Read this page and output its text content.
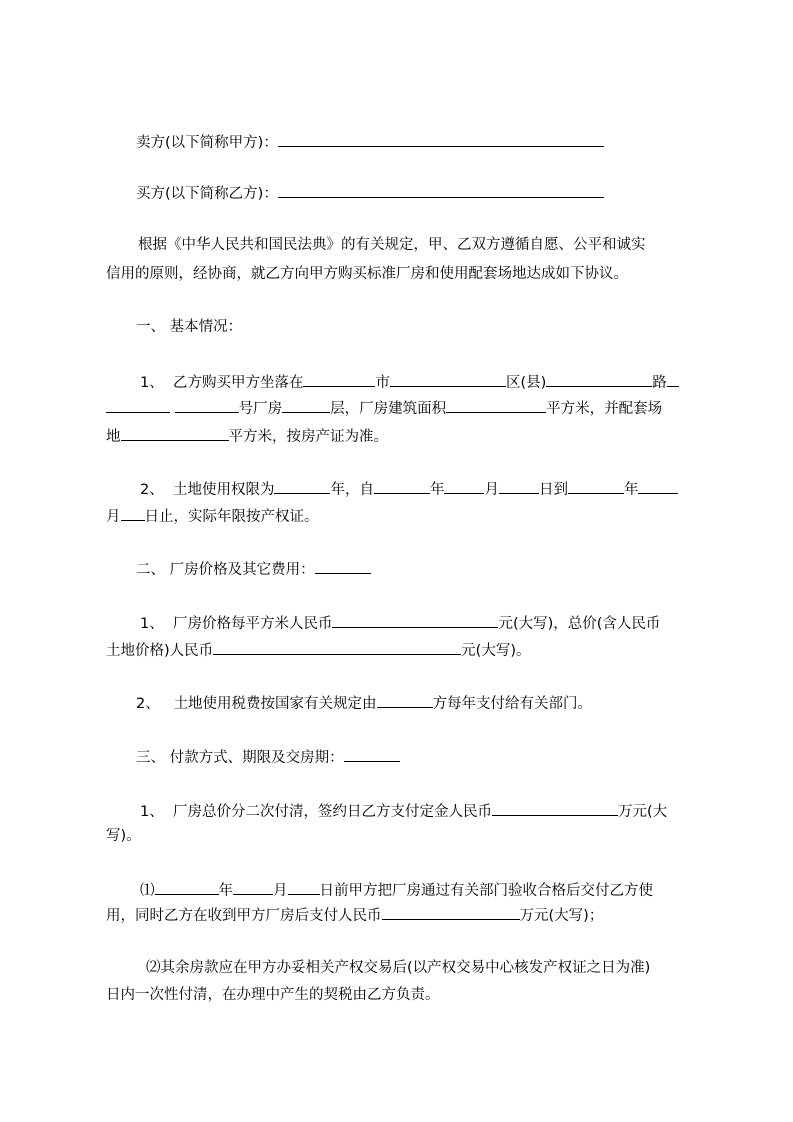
卖方(以下简称甲方)：

买方(以下简称乙方)：

根据《中华人民共和国民法典》的有关规定，甲、乙双方遵循自愿、公平和诚实

信用的原则，经协商，就乙方向甲方购买标准厂房和使用配套场地达成如下协议。

一、 基本情况：

1、 乙方购买甲方坐落在	市	区(县)	路

号厂房	层，厂房建筑面积	平方米，并配套场

地	平方米，按房产证为准。

2、 土地使用权限为	年，自	年	月	日到	年

月 日止，实际年限按产权证。

二、 厂房价格及其它费用：

1、 厂房价格每平方米人民币	元(大写)，总价(含人民币

土地价格)人民币	元(大写)。

2、 土地使用税费按国家有关规定由	方每年支付给有关部门。

三、 付款方式、期限及交房期：

1、 厂房总价分二次付清，签约日乙方支付定金人民币	万元(大

写)。

⑴	年	月 日前甲方把厂房通过有关部门验收合格后交付乙方使

用，同时乙方在收到甲方厂房后支付人民币	万元(大写)；

⑵其余房款应在甲方办妥相关产权交易后(以产权交易中心核发产权证之日为准)

日内一次性付清，在办理中产生的契税由乙方负责。
